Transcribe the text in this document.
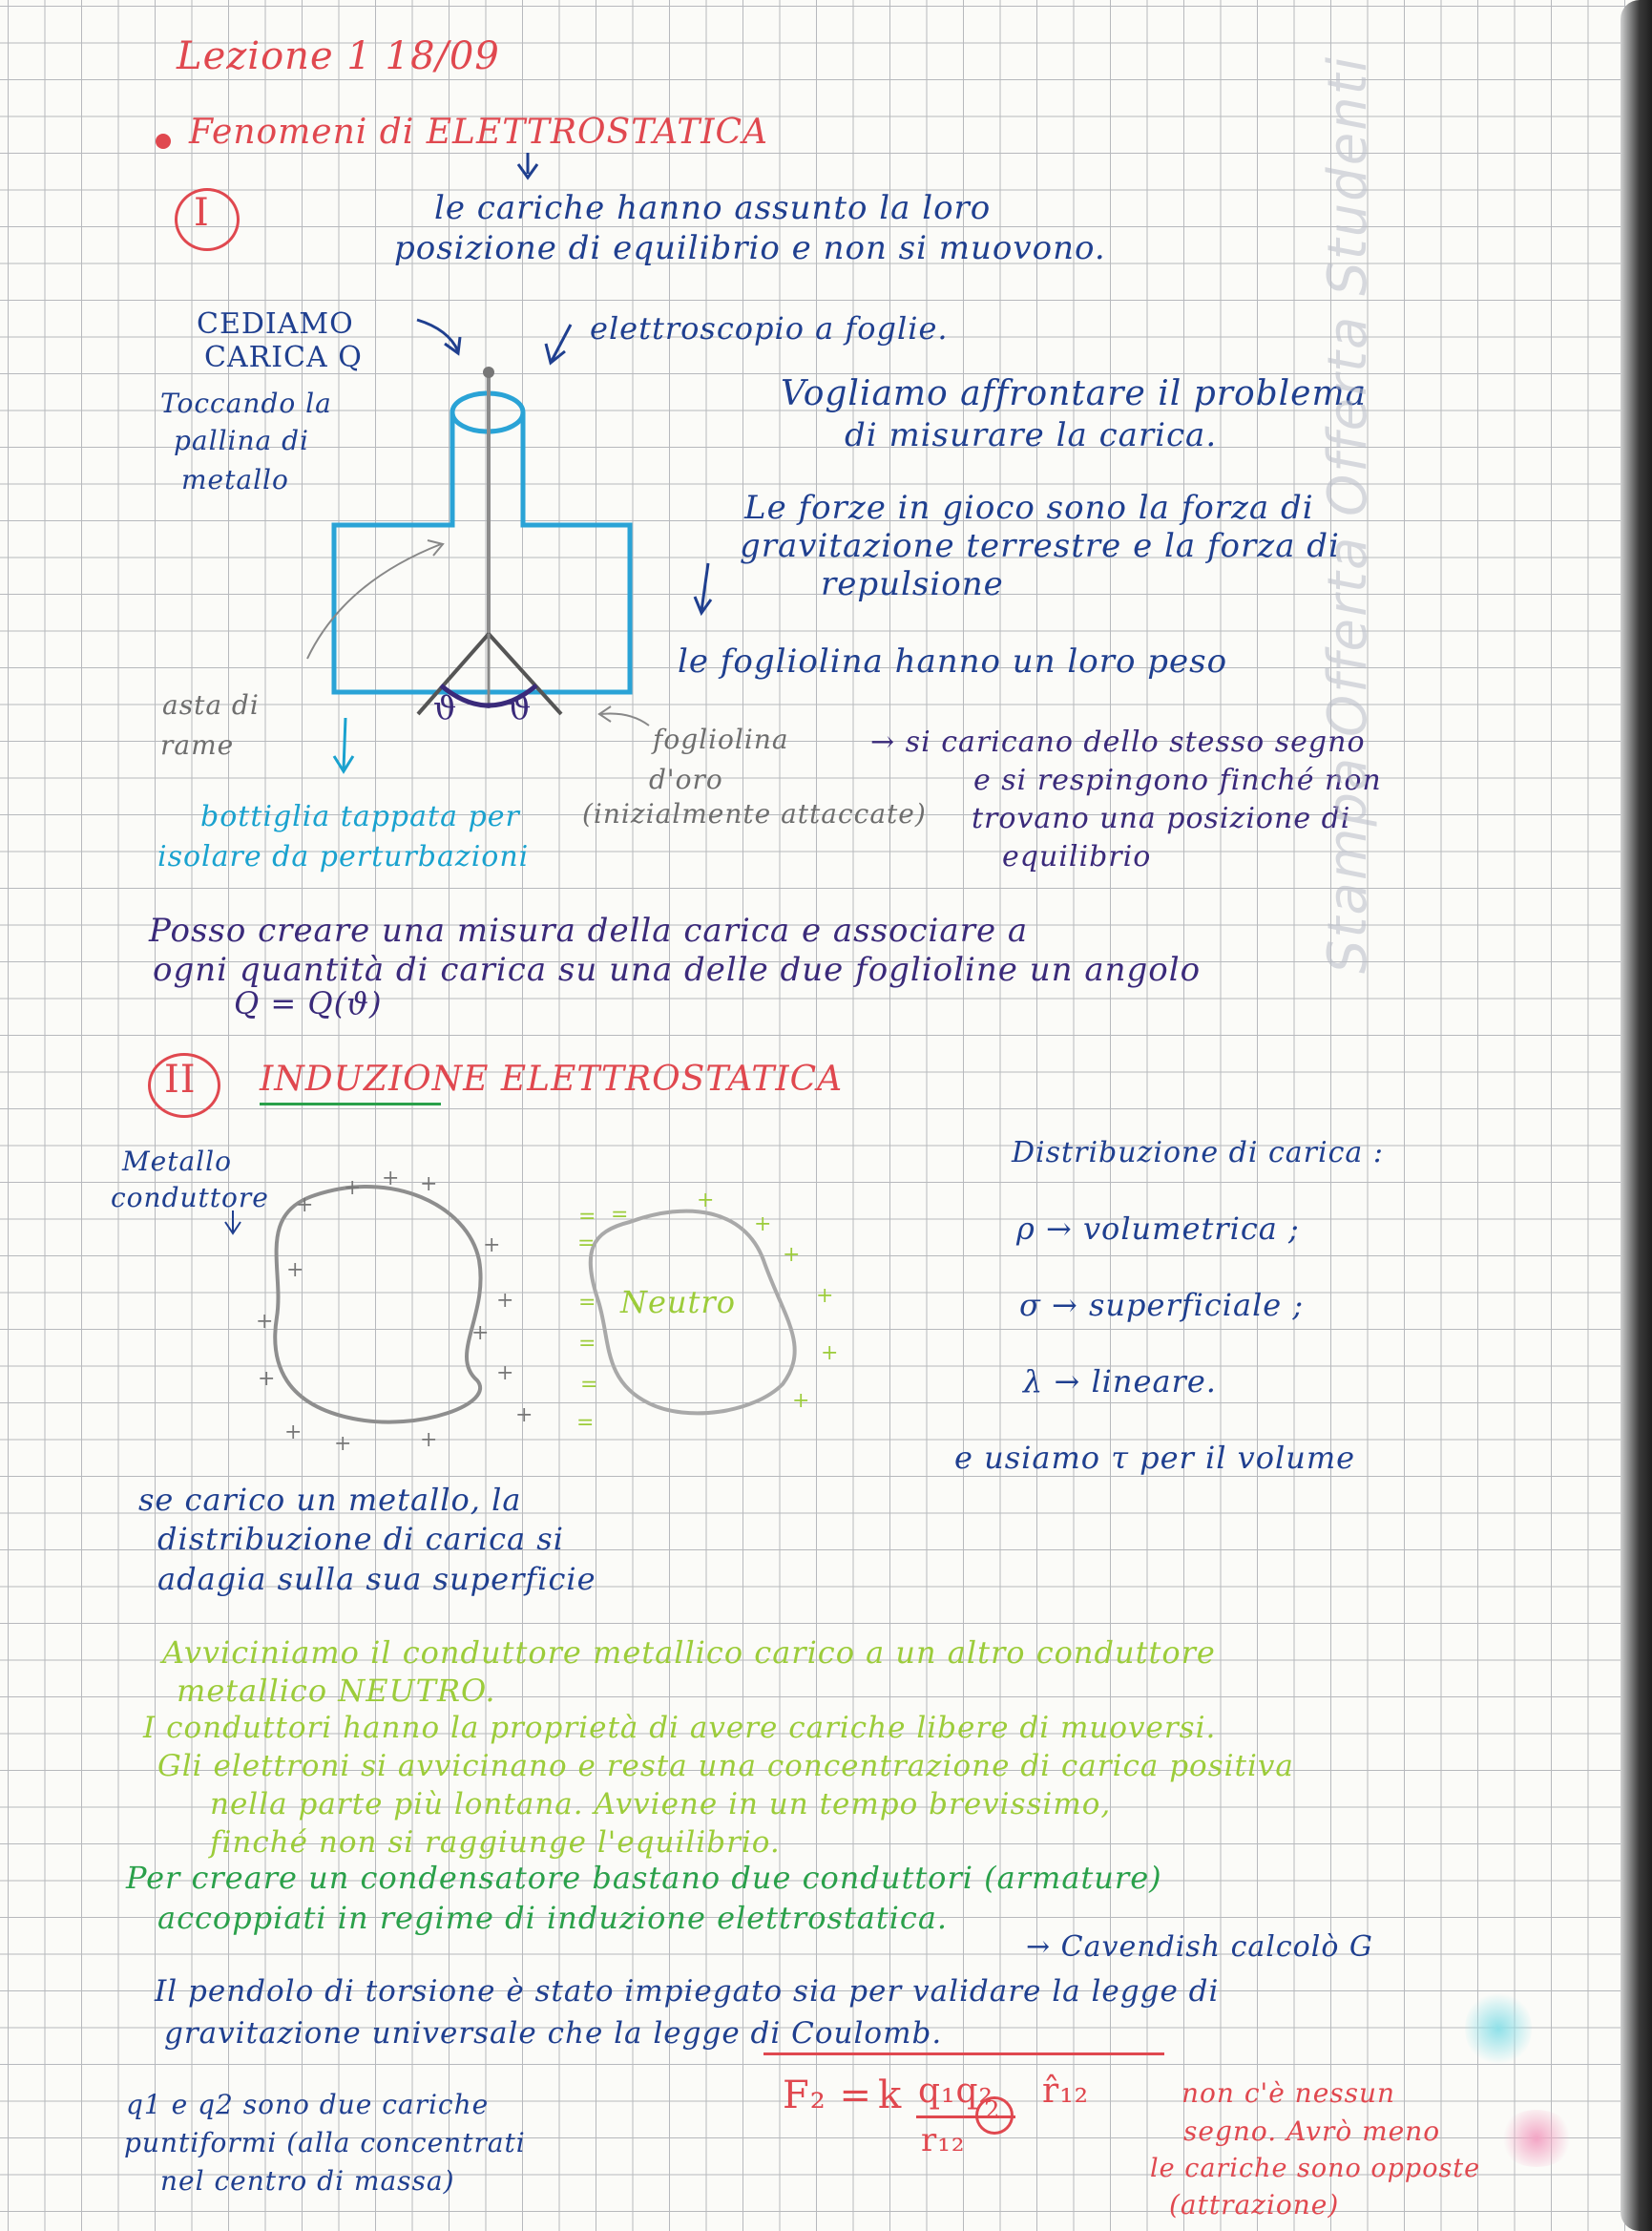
Lezione 1 18/09
Fenomeni di ELETTROSTATICA
I	le cariche hanno assunto la loro
posizione di equilibrio e non si muovono.
CEDIAMO
CARICA Q
Toccando la
pallina di
metallo
elettroscopio a foglie.
Vogliamo affrontare il problema
di misurare la carica.
Le forze in gioco sono la forza di
gravitazione terrestre e la forza di
repulsione
le fogliolina hanno un loro peso
asta di
rame	fogliolina
d'oro
(inizialmente attaccate)
bottiglia tappata per
isolare da perturbazioni
→ si caricano dello stesso segno
e si respingono finché non
trovano una posizione di
equilibrio
ϑ ϑ
Posso creare una misura della carica e associare a
ogni quantità di carica su una delle due foglioline un angolo
Q = Q(ϑ)
II INDUZIONE ELETTROSTATICA
Metallo
conduttore	+ + +
+
+
+
+
+ +	+
+
+
+
+
+
+
+
+
+
+
+
=
=
=
=
=
=
=
Neutro
Distribuzione di carica :
ρ → volumetrica ;
σ → superficiale ;
λ → lineare.
e usiamo τ per il volume
se carico un metallo, la
distribuzione di carica si
adagia sulla sua superficie
Avviciniamo il conduttore metallico carico a un altro conduttore
metallico NEUTRO.
I conduttori hanno la proprietà di avere cariche libere di muoversi.
Gli elettroni si avvicinano e resta una concentrazione di carica positiva
nella parte più lontana. Avviene in un tempo brevissimo,
finché non si raggiunge l'equilibrio.
Per creare un condensatore bastano due conduttori (armature)
accoppiati in regime di induzione elettrostatica.
→ Cavendish calcolò G
Il pendolo di torsione è stato impiegato sia per validare la legge di
gravitazione universale che la legge di Coulomb.
q1 e q2 sono due cariche
puntiformi (alla concentrati
nel centro di massa)
F₂ = k q₁q₂
r₁₂
2 r̂₁₂	non c'è nessun
segno. Avrò meno
le cariche sono opposte
(attrazione)
Stampa Offerta Offerta Studenti
